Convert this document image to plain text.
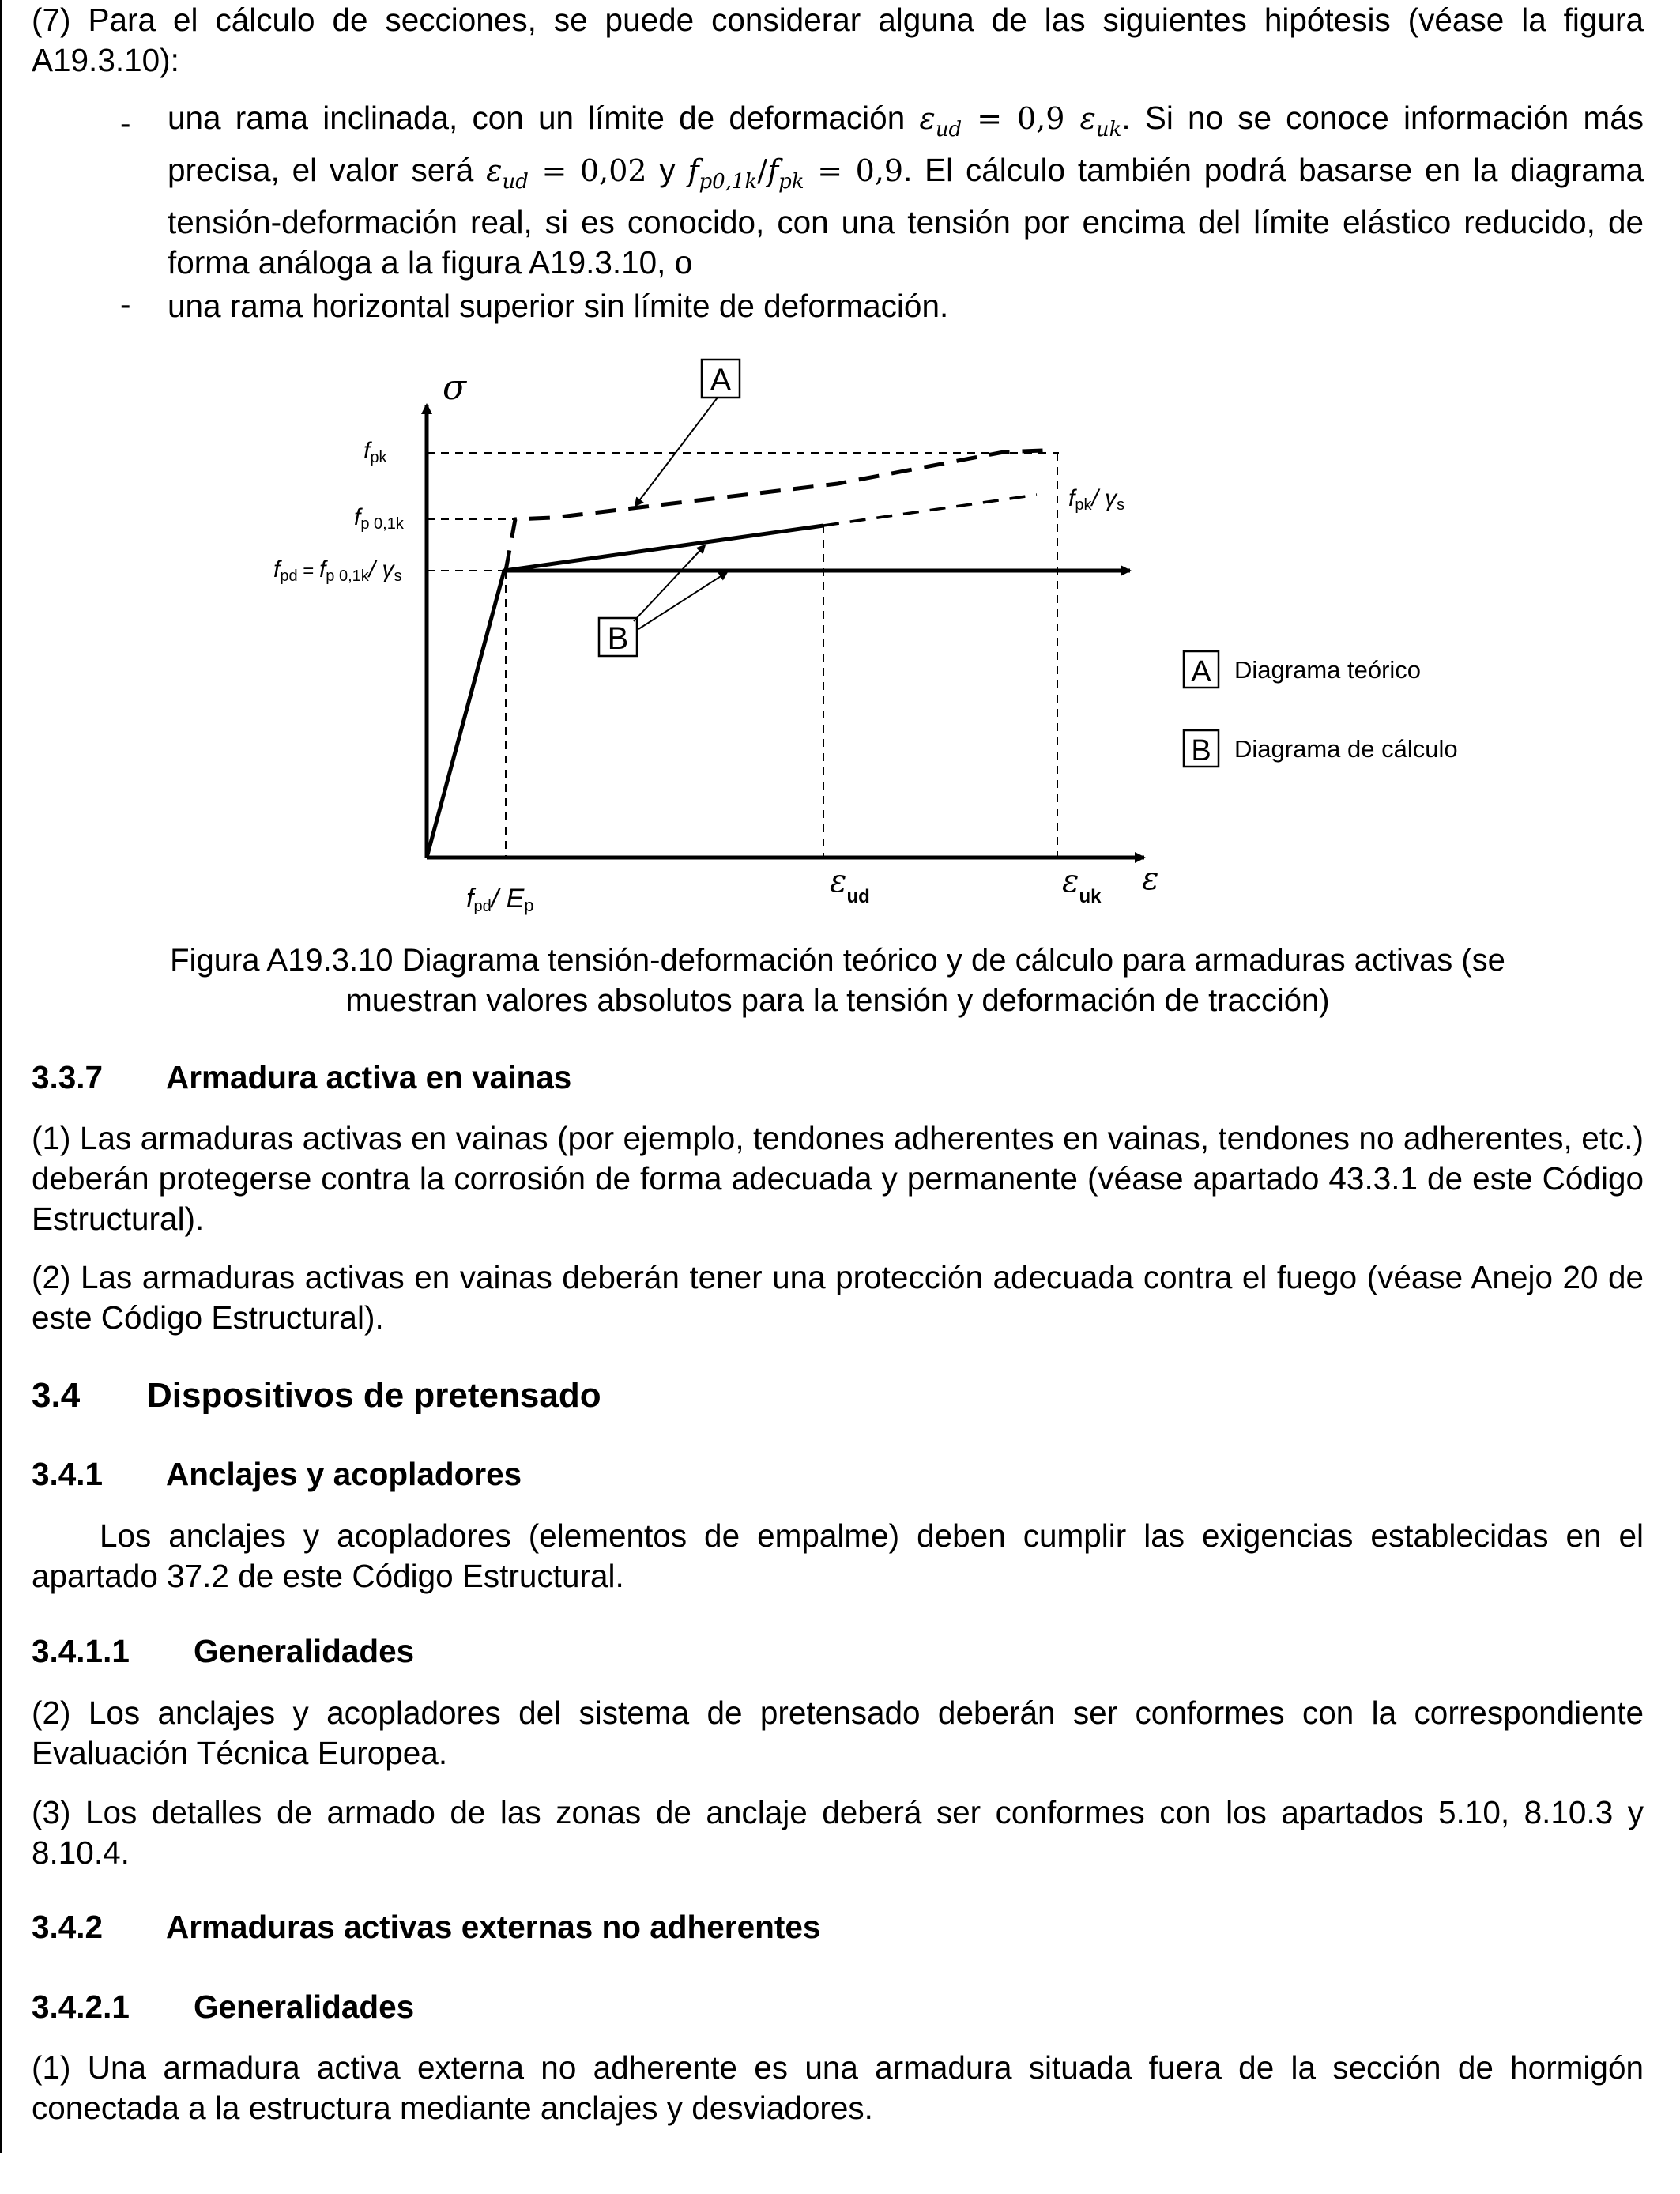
(7) Para el cálculo de secciones, se puede considerar alguna de las siguientes hipótesis (véase la figura A19.3.10):

- una rama inclinada, con un límite de deformación $\varepsilon_{ud} = 0,9$ $\varepsilon_{uk}$. Si no se conoce información más precisa, el valor será $\varepsilon_{ud} = 0,02$ y $f_{p0,1k}/f_{pk} = 0,9$. El cálculo también podrá basarse en la diagrama tensión-deformación real, si es conocido, con una tensión por encima del límite elástico reducido, de forma análoga a la figura A19.3.10, o

- una rama horizontal superior sin límite de deformación.

A
B
σ
ε
fpk
fp 0,1k
fpd = fp 0,1k/ γs
fpk/ γs
fpd/ Ep
$\varepsilon_{ud}$	$\varepsilon_{uk}$
A Diagrama teórico
B Diagrama de cálculo
Figura A19.3.10 Diagrama tensión-deformación teórico y de cálculo para armaduras activas (se
muestran valores absolutos para la tensión y deformación de tracción)
3.3.7 Armadura activa en vainas

(1) Las armaduras activas en vainas (por ejemplo, tendones adherentes en vainas, tendones no adherentes, etc.) deberán protegerse contra la corrosión de forma adecuada y permanente (véase apartado 43.3.1 de este Código Estructural).

(2) Las armaduras activas en vainas deberán tener una protección adecuada contra el fuego (véase Anejo 20 de este Código Estructural).

3.4 Dispositivos de pretensado
3.4.1 Anclajes y acopladores

Los anclajes y acopladores (elementos de empalme) deben cumplir las exigencias establecidas en el apartado 37.2 de este Código Estructural.

3.4.1.1 Generalidades

(2) Los anclajes y acopladores del sistema de pretensado deberán ser conformes con la correspondiente Evaluación Técnica Europea.

(3) Los detalles de armado de las zonas de anclaje deberá ser conformes con los apartados 5.10, 8.10.3 y 8.10.4.

3.4.2 Armaduras activas externas no adherentes
3.4.2.1 Generalidades

(1) Una armadura activa externa no adherente es una armadura situada fuera de la sección de hormigón conectada a la estructura mediante anclajes y desviadores.
